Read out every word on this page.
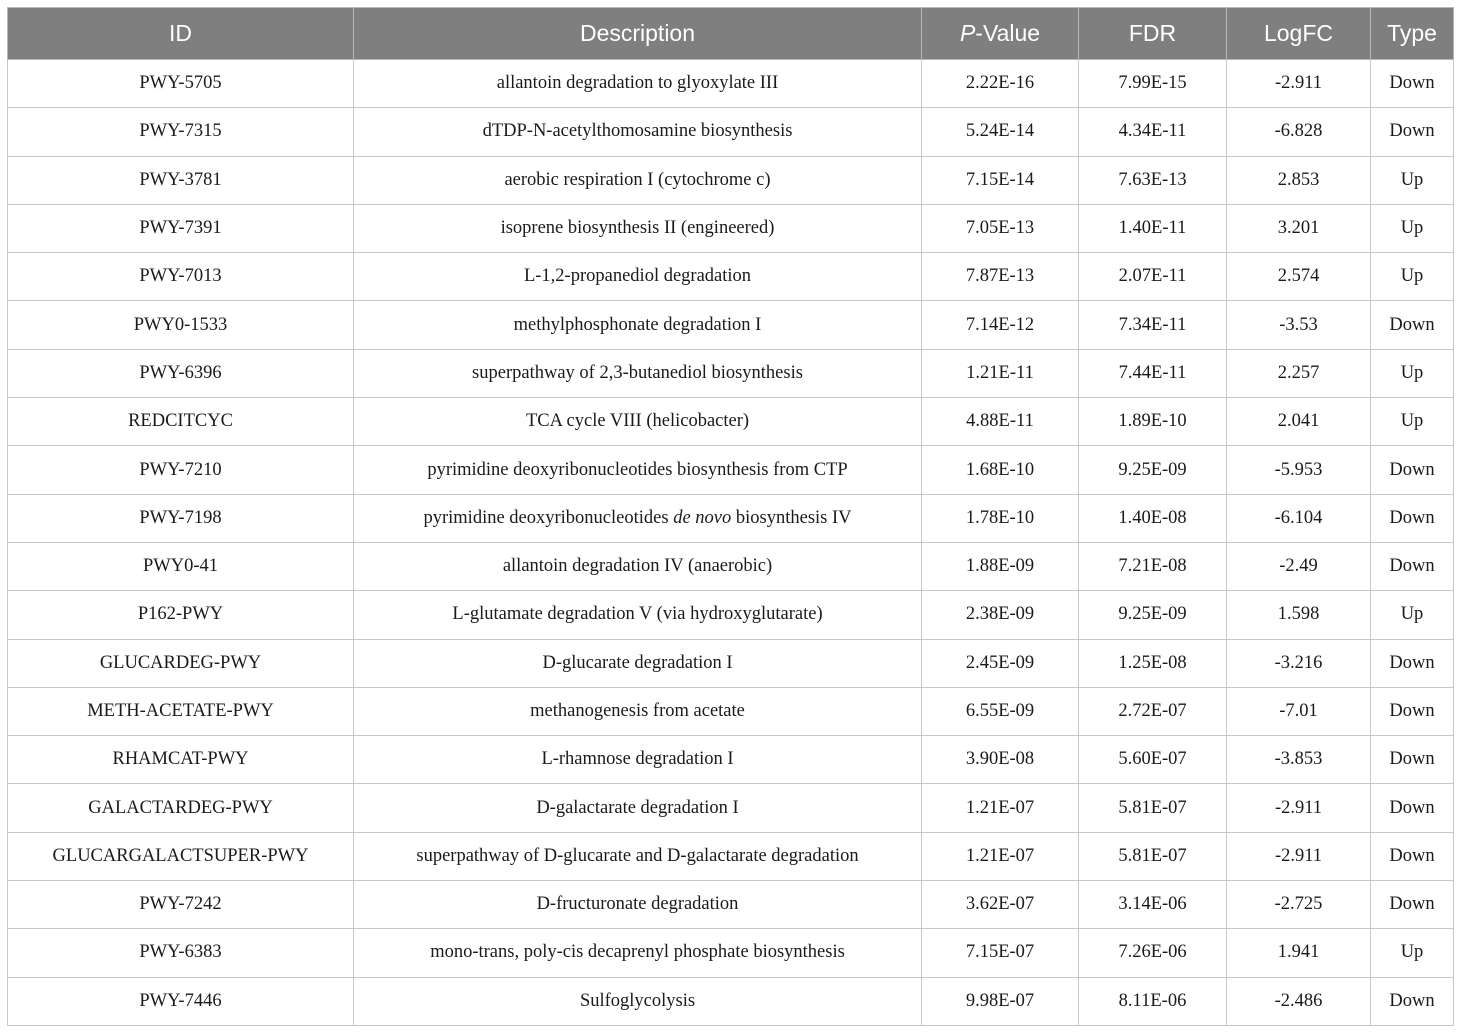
ID	Description	P-Value	FDR	LogFC	Type
PWY-5705	allantoin degradation to glyoxylate III	2.22E-16	7.99E-15	-2.911	Down
PWY-7315	dTDP-N-acetylthomosamine biosynthesis	5.24E-14	4.34E-11	-6.828	Down
PWY-3781	aerobic respiration I (cytochrome c)	7.15E-14	7.63E-13	2.853	Up
PWY-7391	isoprene biosynthesis II (engineered)	7.05E-13	1.40E-11	3.201	Up
PWY-7013	L-1,2-propanediol degradation	7.87E-13	2.07E-11	2.574	Up
PWY0-1533	methylphosphonate degradation I	7.14E-12	7.34E-11	-3.53	Down
PWY-6396	superpathway of 2,3-butanediol biosynthesis	1.21E-11	7.44E-11	2.257	Up
REDCITCYC	TCA cycle VIII (helicobacter)	4.88E-11	1.89E-10	2.041	Up
PWY-7210	pyrimidine deoxyribonucleotides biosynthesis from CTP	1.68E-10	9.25E-09	-5.953	Down
PWY-7198	pyrimidine deoxyribonucleotides de novo biosynthesis IV	1.78E-10	1.40E-08	-6.104	Down
PWY0-41	allantoin degradation IV (anaerobic)	1.88E-09	7.21E-08	-2.49	Down
P162-PWY	L-glutamate degradation V (via hydroxyglutarate)	2.38E-09	9.25E-09	1.598	Up
GLUCARDEG-PWY	D-glucarate degradation I	2.45E-09	1.25E-08	-3.216	Down
METH-ACETATE-PWY	methanogenesis from acetate	6.55E-09	2.72E-07	-7.01	Down
RHAMCAT-PWY	L-rhamnose degradation I	3.90E-08	5.60E-07	-3.853	Down
GALACTARDEG-PWY	D-galactarate degradation I	1.21E-07	5.81E-07	-2.911	Down
GLUCARGALACTSUPER-PWY	superpathway of D-glucarate and D-galactarate degradation	1.21E-07	5.81E-07	-2.911	Down
PWY-7242	D-fructuronate degradation	3.62E-07	3.14E-06	-2.725	Down
PWY-6383	mono-trans, poly-cis decaprenyl phosphate biosynthesis	7.15E-07	7.26E-06	1.941	Up
PWY-7446	Sulfoglycolysis	9.98E-07	8.11E-06	-2.486	Down
